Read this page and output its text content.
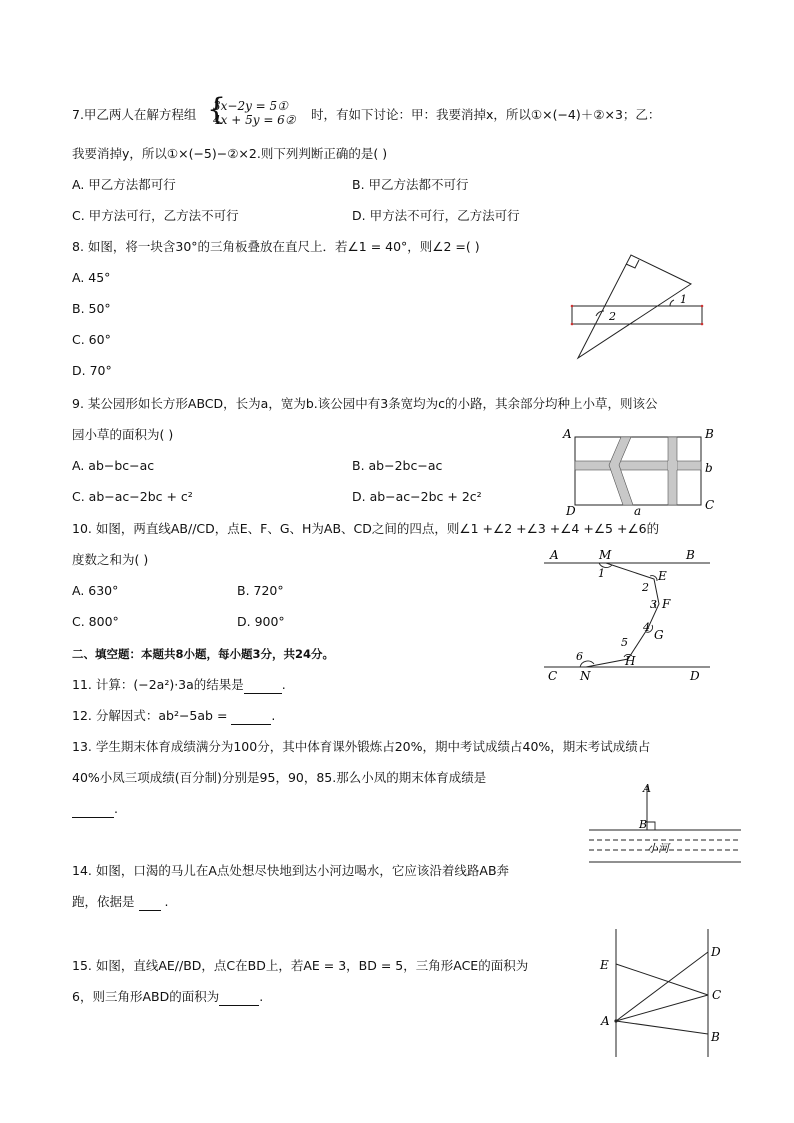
7.甲乙两人在解方程组 {
3x−2y = 5①
4x + 5y = 6② 时，有如下讨论：甲：我要消掉x，所以①×(−4)＋②×3；乙：
我要消掉y，所以①×(−5)−②×2.则下列判断正确的是( )
A. 甲乙方法都可行	B. 甲乙方法都不可行
C. 甲方法可行，乙方法不可行	D. 甲方法不可行，乙方法可行
8. 如图，将一块含30°的三角板叠放在直尺上．若∠1 = 40°，则∠2 =( )
A. 45°
B. 50°
C. 60°
D. 70°
1
2
9. 某公园形如长方形ABCD，长为a，宽为b.该公园中有3条宽均为c的小路，其余部分均种上小草，则该公
园小草的面积为( )
A. ab−bc−ac	B. ab−2bc−ac
C. ab−ac−2bc + c²	D. ab−ac−2bc + 2c²
A	B
b
C
D	a
10. 如图，两直线AB//CD，点E、F、G、H为AB、CD之间的四点，则∠1 +∠2 +∠3 +∠4 +∠5 +∠6的
度数之和为( )
A. 630°	B. 720°
C. 800°	D. 900°
A	M	B
1	E
2
3 F
4
G
5
H
6
C N	D
二、填空题：本题共8小题，每小题3分，共24分。
11. 计算：(−2a²)·3a的结果是	.
12. 分解因式：ab²−5ab =	.
13. 学生期末体育成绩满分为100分，其中体育课外锻炼占20%，期中考试成绩占40%，期末考试成绩占
40%小凤三项成绩(百分制)分别是95，90，85.那么小凤的期末体育成绩是
.
A
B
小河
14. 如图，口渴的马儿在A点处想尽快地到达小河边喝水，它应该沿着线路AB奔
跑，依据是 .
15. 如图，直线AE//BD，点C在BD上，若AE = 3，BD = 5，三角形ACE的面积为
6，则三角形ABD的面积为	.
D
E
C
A
B
